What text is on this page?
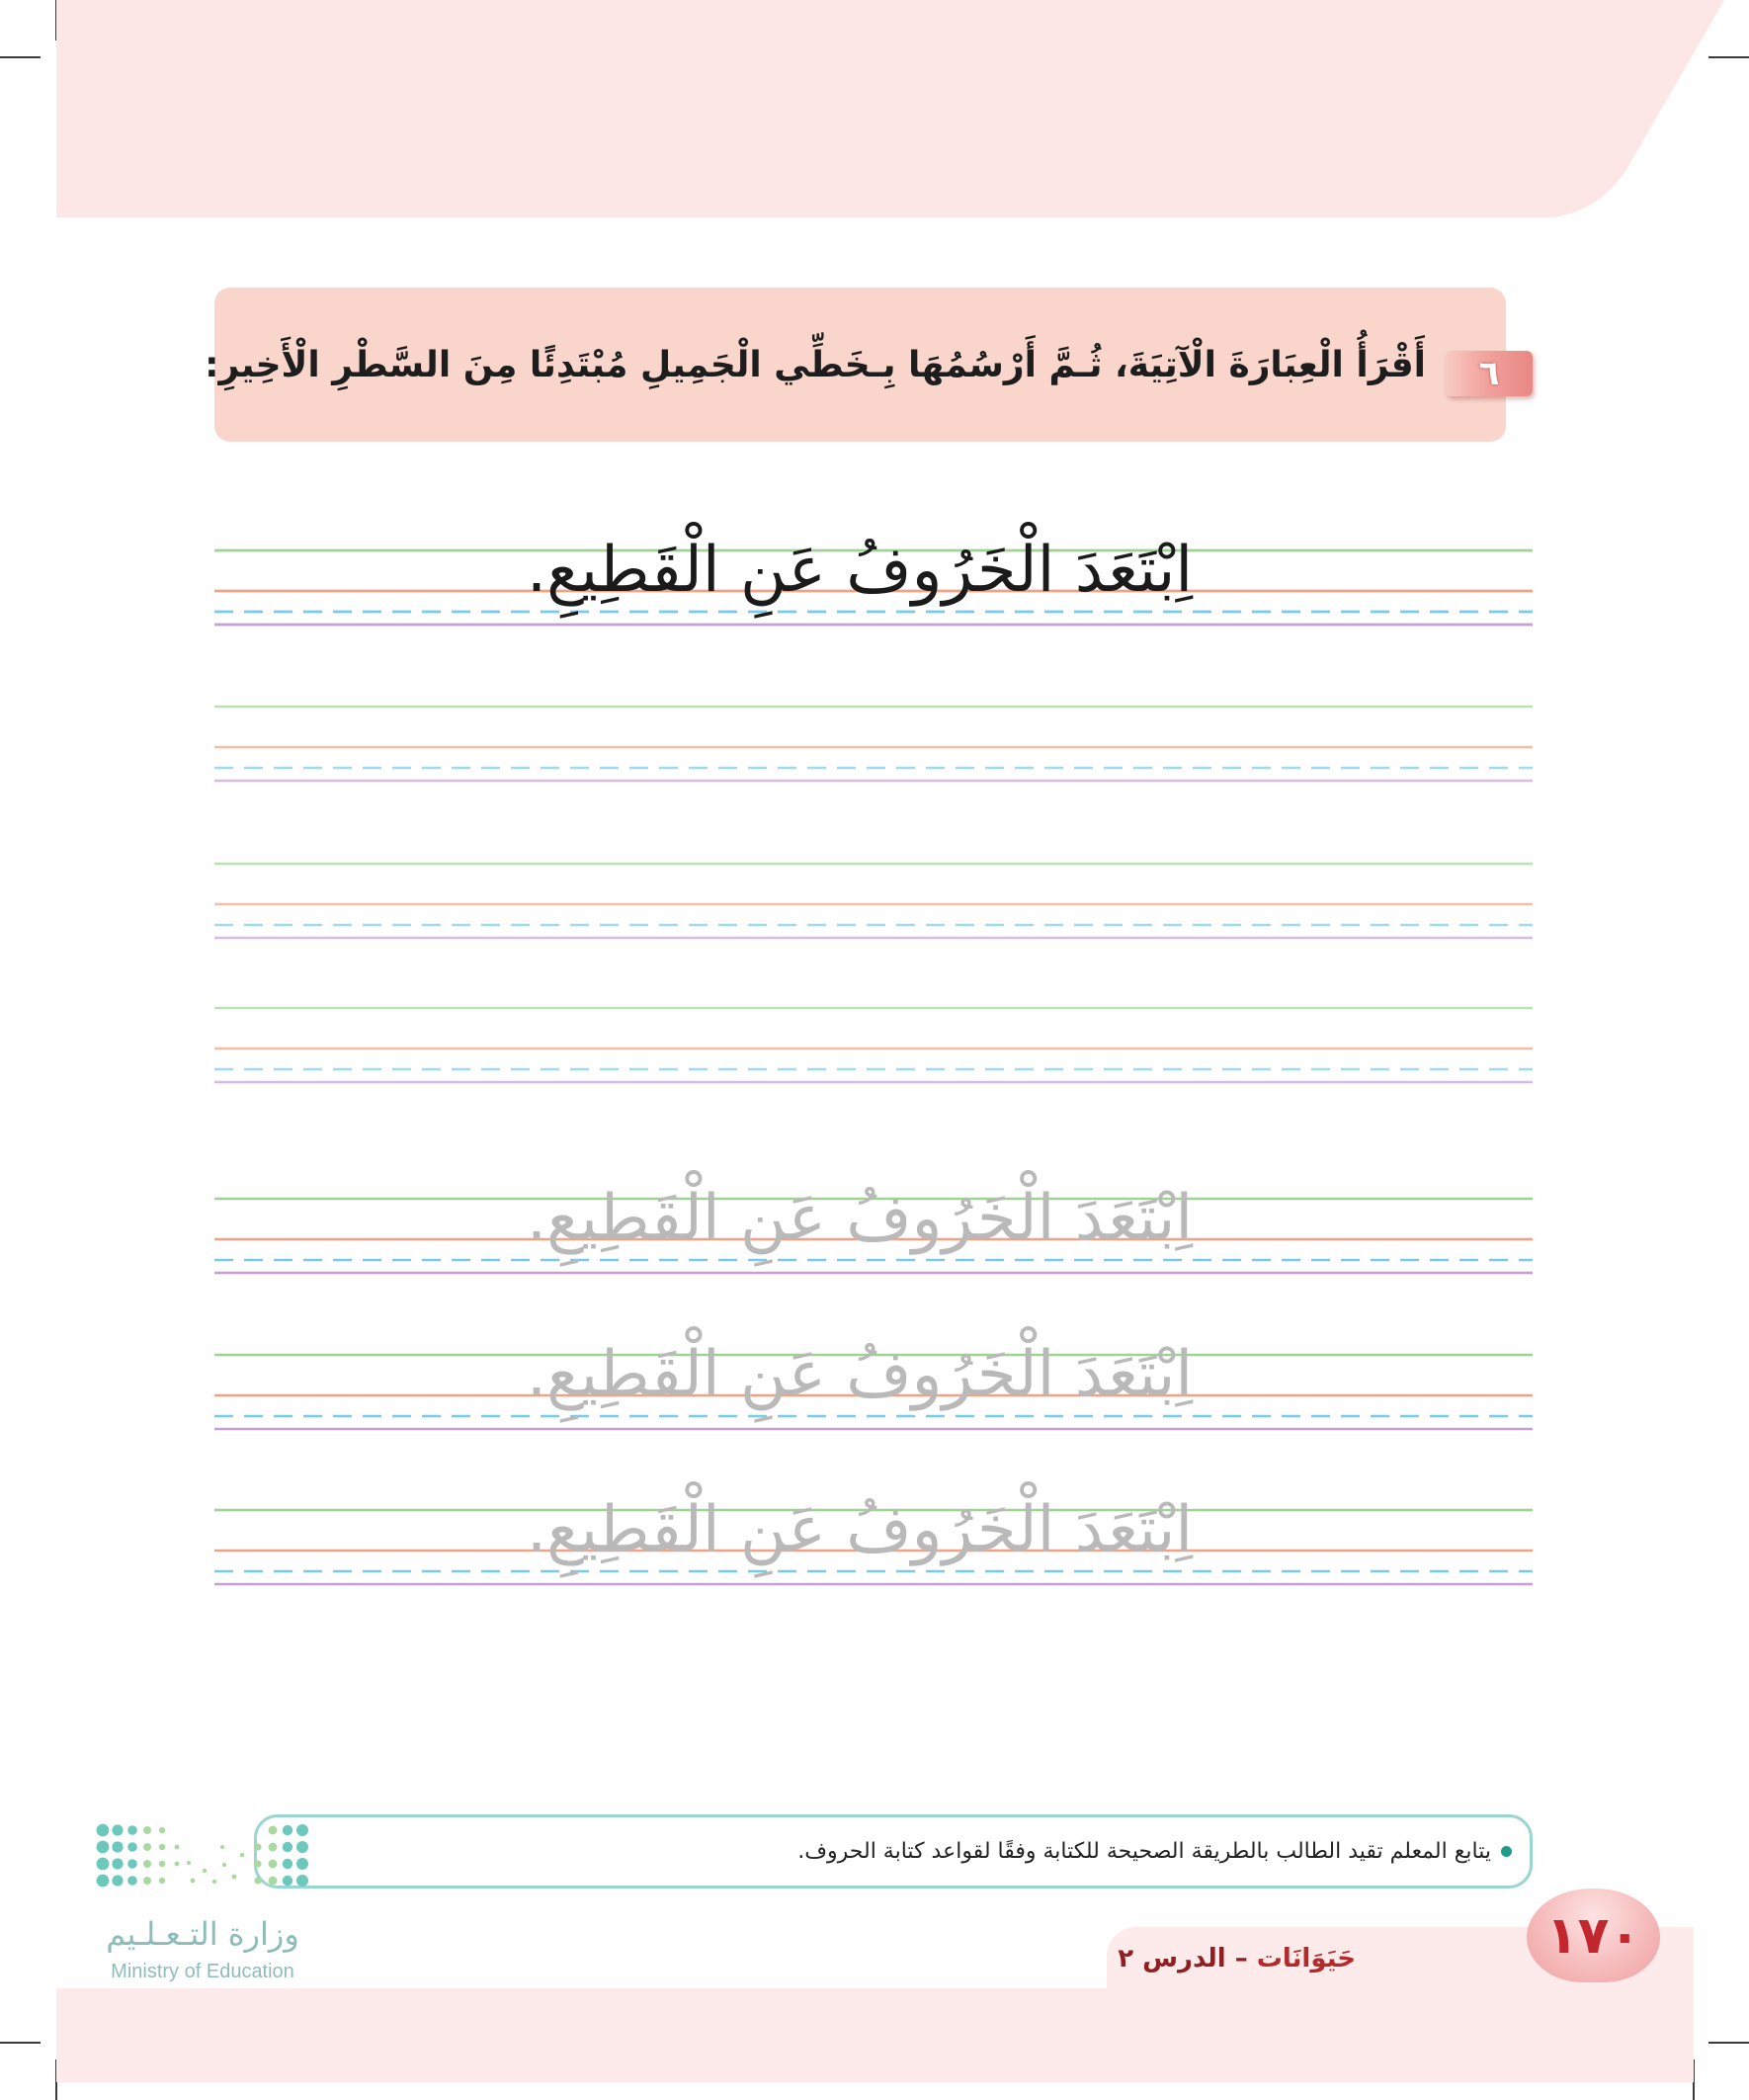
أَقْرَأُ الْعِبَارَةَ الْآتِيَةَ، ثُـمَّ أَرْسُمُهَا بِـخَطِّي الْجَمِيلِ مُبْتَدِئًا مِنَ السَّطْرِ الْأَخِيرِ: ٦
اِبْتَعَدَ الْخَرُوفُ عَنِ الْقَطِيعِ.
اِبْتَعَدَ الْخَرُوفُ عَنِ الْقَطِيعِ.
اِبْتَعَدَ الْخَرُوفُ عَنِ الْقَطِيعِ.
اِبْتَعَدَ الْخَرُوفُ عَنِ الْقَطِيعِ.
يتابع المعلم تقيد الطالب بالطريقة الصحيحة للكتابة وفقًا لقواعد كتابة الحروف.
وزارة التـعـلـيم
Ministry of Education	حَيَوَانَات – الدرس ٢	١٧٠
